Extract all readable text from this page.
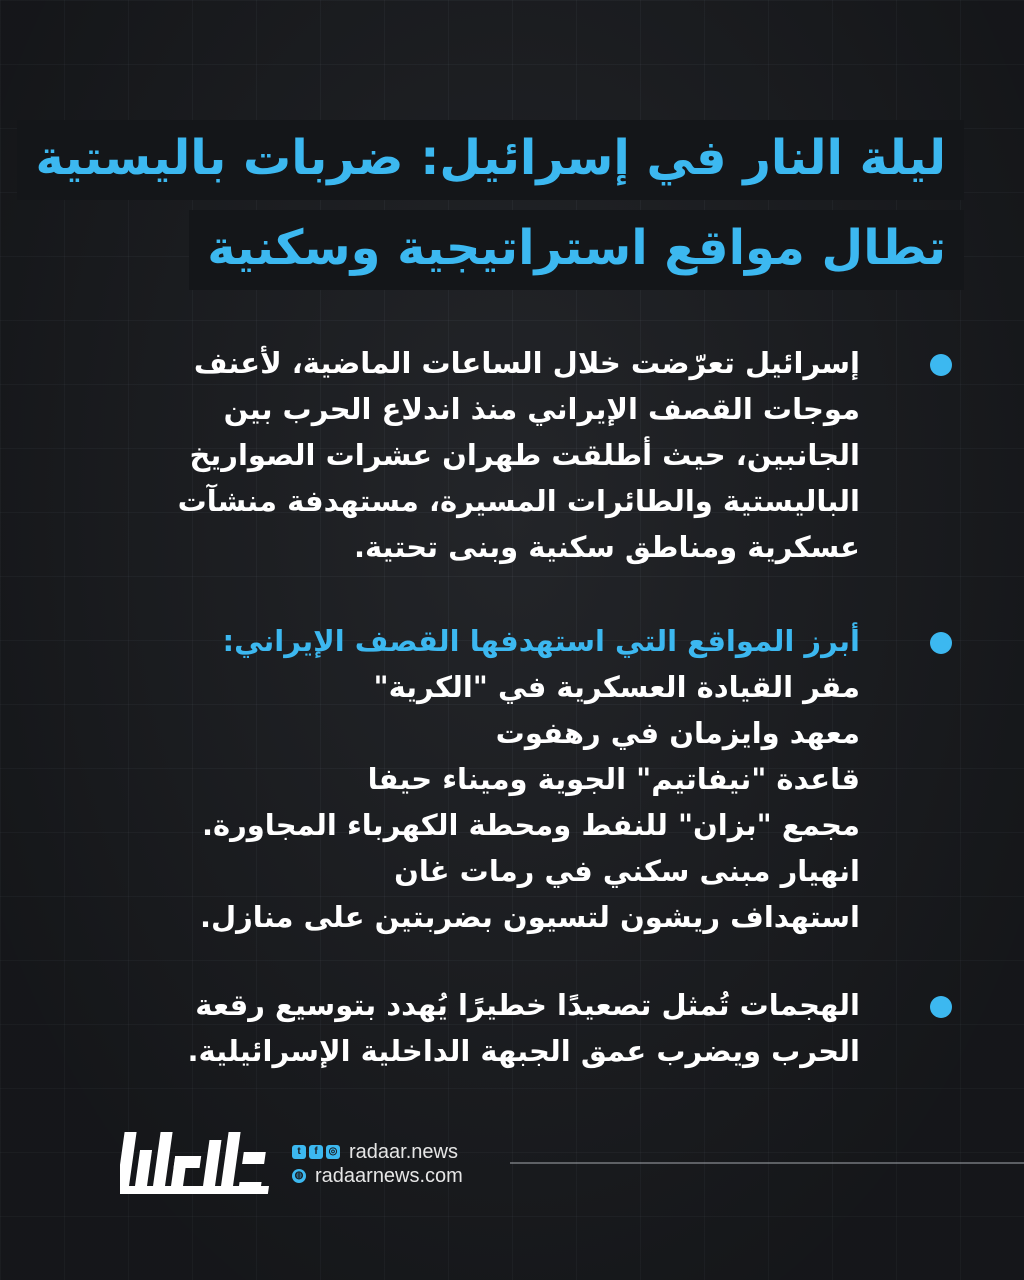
ليلة النار في إسرائيل: ضربات باليستية
تطال مواقع استراتيجية وسكنية

إسرائيل تعرّضت خلال الساعات الماضية، لأعنف موجات القصف الإيراني منذ اندلاع الحرب بين الجانبين، حيث أطلقت طهران عشرات الصواريخ الباليستية والطائرات المسيرة، مستهدفة منشآت عسكرية ومناطق سكنية وبنى تحتية.

أبرز المواقع التي استهدفها القصف الإيراني:
مقر القيادة العسكرية في "الكرية"
معهد وايزمان في رهفوت
قاعدة "نيفاتيم" الجوية وميناء حيفا
مجمع "بزان" للنفط ومحطة الكهرباء المجاورة.
انهيار مبنى سكني في رمات غان
استهداف ريشون لتسيون بضربتين على منازل.

الهجمات تُمثل تصعيدًا خطيرًا يُهدد بتوسيع رقعة الحرب ويضرب عمق الجبهة الداخلية الإسرائيلية.

t	f	◎ radaar.news
◍ radaarnews.com
